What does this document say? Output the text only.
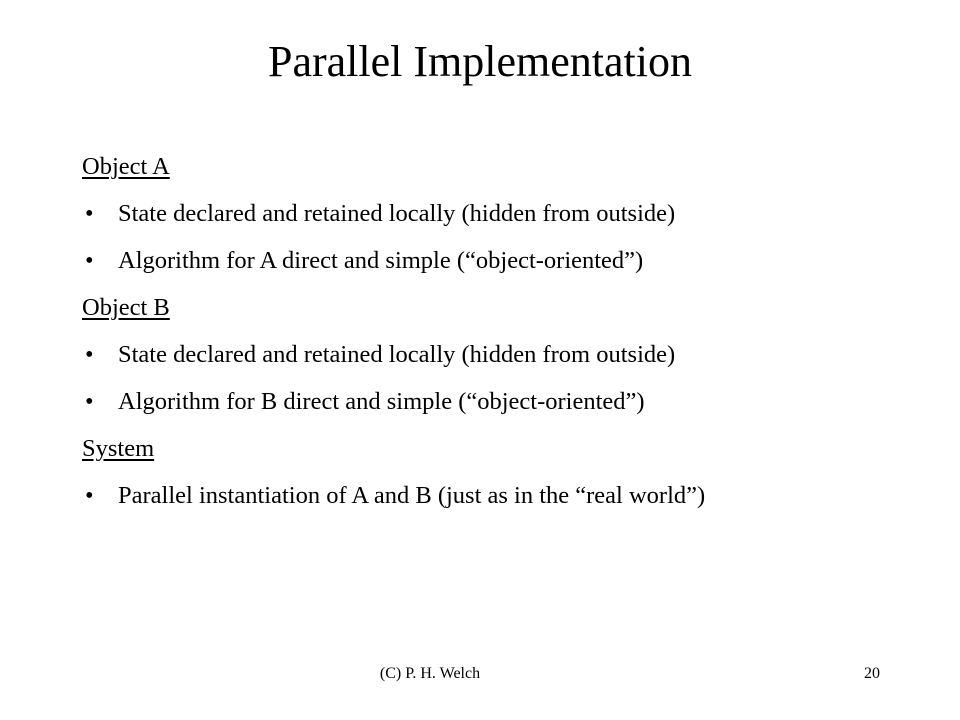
Parallel Implementation
Object A
• State declared and retained locally (hidden from outside)
• Algorithm for A direct and simple (“object-oriented”)
Object B
• State declared and retained locally (hidden from outside)
• Algorithm for B direct and simple (“object-oriented”)
System
• Parallel instantiation of A and B (just as in the “real world”)
(C) P. H. Welch	20
